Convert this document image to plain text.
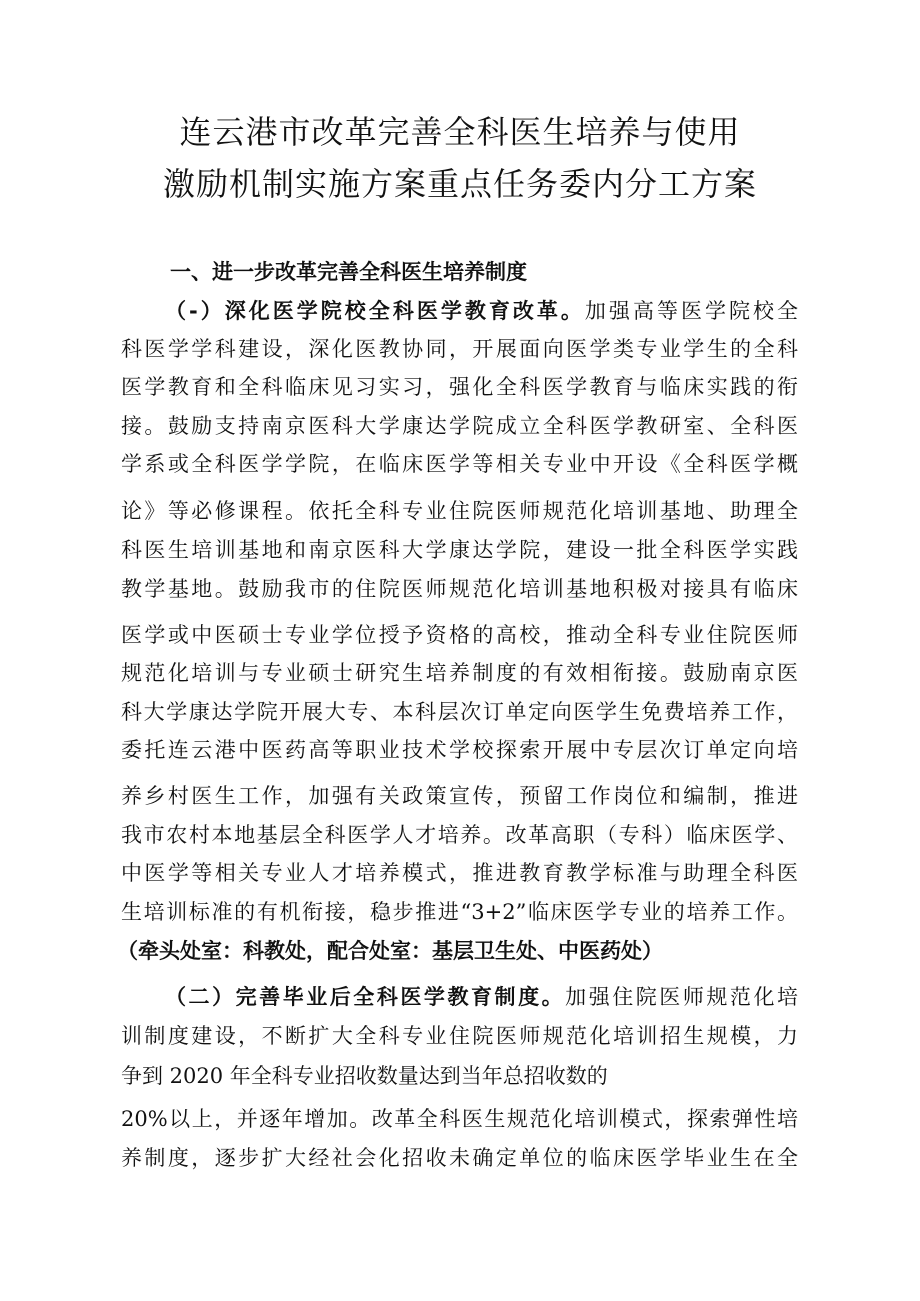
连云港市改革完善全科医生培养与使用
激励机制实施方案重点任务委内分工方案
一、进一步改革完善全科医生培养制度
（-）深化医学院校全科医学教育改革。加强高等医学院校全
科医学学科建设，深化医教协同，开展面向医学类专业学生的全科
医学教育和全科临床见习实习，强化全科医学教育与临床实践的衔
接。鼓励支持南京医科大学康达学院成立全科医学教研室、全科医
学系或全科医学学院，在临床医学等相关专业中开设《全科医学概
论》等必修课程。依托全科专业住院医师规范化培训基地、助理全
科医生培训基地和南京医科大学康达学院，建设一批全科医学实践
教学基地。鼓励我市的住院医师规范化培训基地积极对接具有临床
医学或中医硕士专业学位授予资格的高校，推动全科专业住院医师
规范化培训与专业硕士研究生培养制度的有效相衔接。鼓励南京医
科大学康达学院开展大专、本科层次订单定向医学生免费培养工作，
委托连云港中医药高等职业技术学校探索开展中专层次订单定向培
养乡村医生工作，加强有关政策宣传，预留工作岗位和编制，推进
我市农村本地基层全科医学人才培养。改革高职（专科）临床医学、
中医学等相关专业人才培养模式，推进教育教学标准与助理全科医
生培训标准的有机衔接，稳步推进“3+2”临床医学专业的培养工作。
（牵头处室：科教处，配合处室：基层卫生处、中医药处）
（二）完善毕业后全科医学教育制度。加强住院医师规范化培
训制度建设，不断扩大全科专业住院医师规范化培训招生规模，力
争到 2020 年全科专业招收数量达到当年总招收数的
20%以上，并逐年增加。改革全科医生规范化培训模式，探索弹性培
养制度，逐步扩大经社会化招收未确定单位的临床医学毕业生在全
